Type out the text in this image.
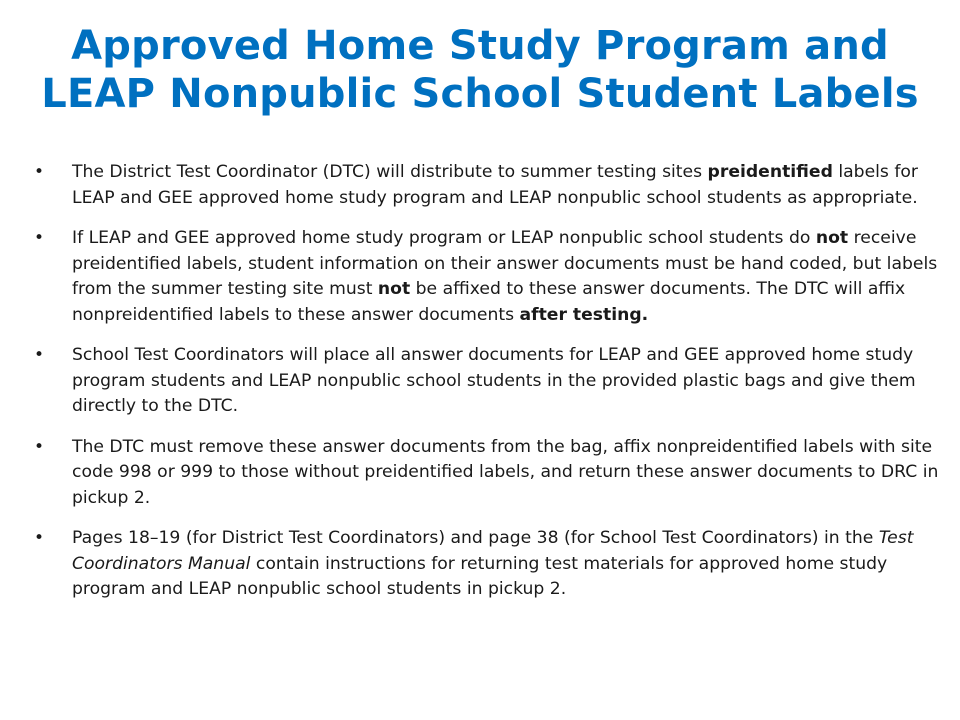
Approved Home Study Program and
LEAP Nonpublic School Student Labels
• The District Test Coordinator (DTC) will distribute to summer testing sites preidentified labels for LEAP and GEE approved home study program and LEAP nonpublic school students as appropriate.
• If LEAP and GEE approved home study program or LEAP nonpublic school students do not receive preidentified labels, student information on their answer documents must be hand coded, but labels from the summer testing site must not be affixed to these answer documents. The DTC will affix nonpreidentified labels to these answer documents after testing.
• School Test Coordinators will place all answer documents for LEAP and GEE approved home study program students and LEAP nonpublic school students in the provided plastic bags and give them directly to the DTC.
• The DTC must remove these answer documents from the bag, affix nonpreidentified labels with site code 998 or 999 to those without preidentified labels, and return these answer documents to DRC in pickup 2.
• Pages 18–19 (for District Test Coordinators) and page 38 (for School Test Coordinators) in the Test Coordinators Manual contain instructions for returning test materials for approved home study program and LEAP nonpublic school students in pickup 2.
